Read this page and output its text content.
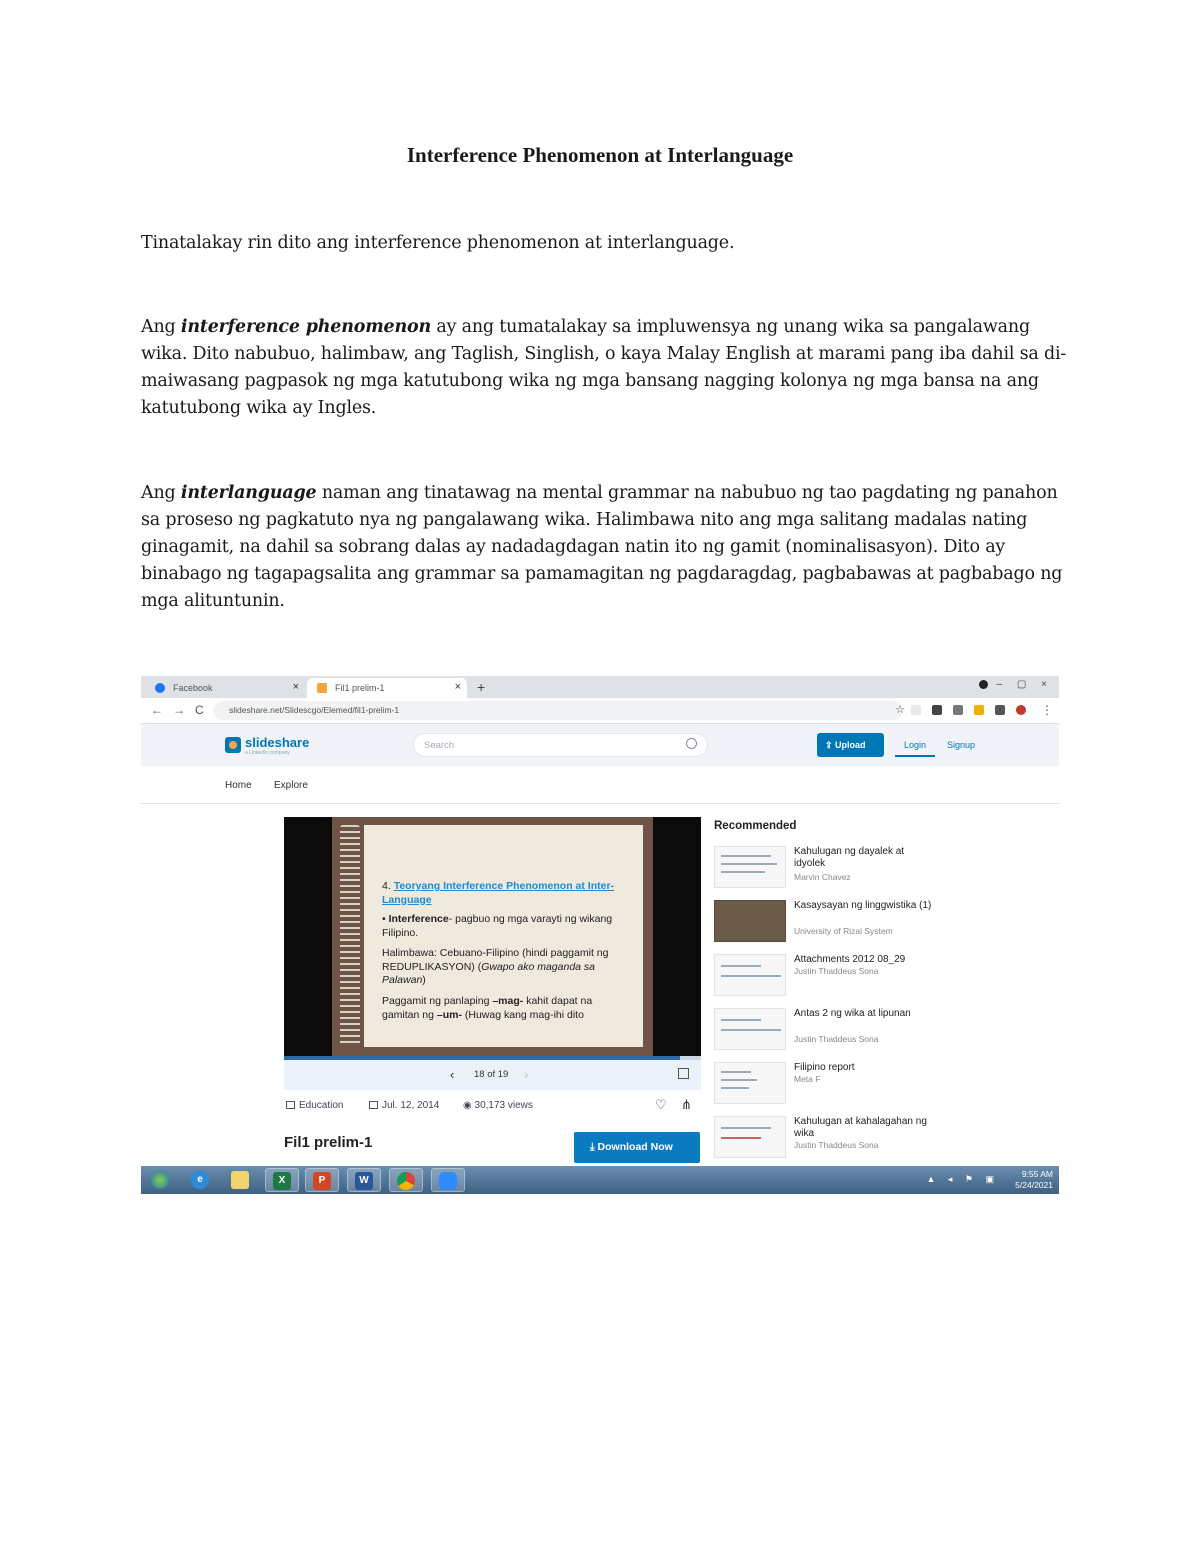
Interference Phenomenon at Interlanguage
Tinatalakay rin dito ang interference phenomenon at interlanguage.
Ang interference phenomenon ay ang tumatalakay sa impluwensya ng unang wika sa pangalawang wika. Dito nabubuo, halimbaw, ang Taglish, Singlish, o kaya Malay English at marami pang iba dahil sa di-maiwasang pagpasok ng mga katutubong wika ng mga bansang nagging kolonya ng mga bansa na ang katutubong wika ay Ingles.
Ang interlanguage naman ang tinatawag na mental grammar na nabubuo ng tao pagdating ng panahon sa proseso ng pagkatuto nya ng pangalawang wika. Halimbawa nito ang mga salitang madalas nating ginagamit, na dahil sa sobrang dalas ay nadadagdagan natin ito ng gamit (nominalisasyon). Dito ay binabago ng tagapagsalita ang grammar sa pamamagitan ng pagdaragdag, pagbabawas at pagbabago ng mga alituntunin.
Facebook	×	Fil1 prelim-1	× +	– ▢ ×
← → C	slideshare.net/Slidescgo/Elemed/fil1-prelim-1	☆	⋮
slideshare
a LinkedIn company
Search	⇪ Upload	Login	Signup
Home Explore
4. Teoryang Interference Phenomenon at Inter-Language
• Interference- pagbuo ng mga varayti ng wikang Filipino.
Halimbawa: Cebuano-Filipino (hindi paggamit ng REDUPLIKASYON) (Gwapo ako maganda sa Palawan)
Paggamit ng panlaping –mag- kahit dapat na gamitan ng –um- (Huwag kang mag-ihi dito
‹ 18 of 19 ›
Education	Jul. 12, 2014 ◉ 30,173 views	♡ ⋔
Fil1 prelim-1	⤓ Download Now
Recommended
Kahulugan ng dayalek at idyolek
Marvin Chavez
Kasaysayan ng linggwistika (1)
University of Rizal System
Attachments 2012 08_29
Justin Thaddeus Sona
Antas 2 ng wika at lipunan
Justin Thaddeus Sona
Filipino report
Meta F
Kahulugan at kahalagahan ng wika
Justin Thaddeus Sona
e	X	P	W	▲ ◂ ⚑ ▣	9:55 AM
5/24/2021
